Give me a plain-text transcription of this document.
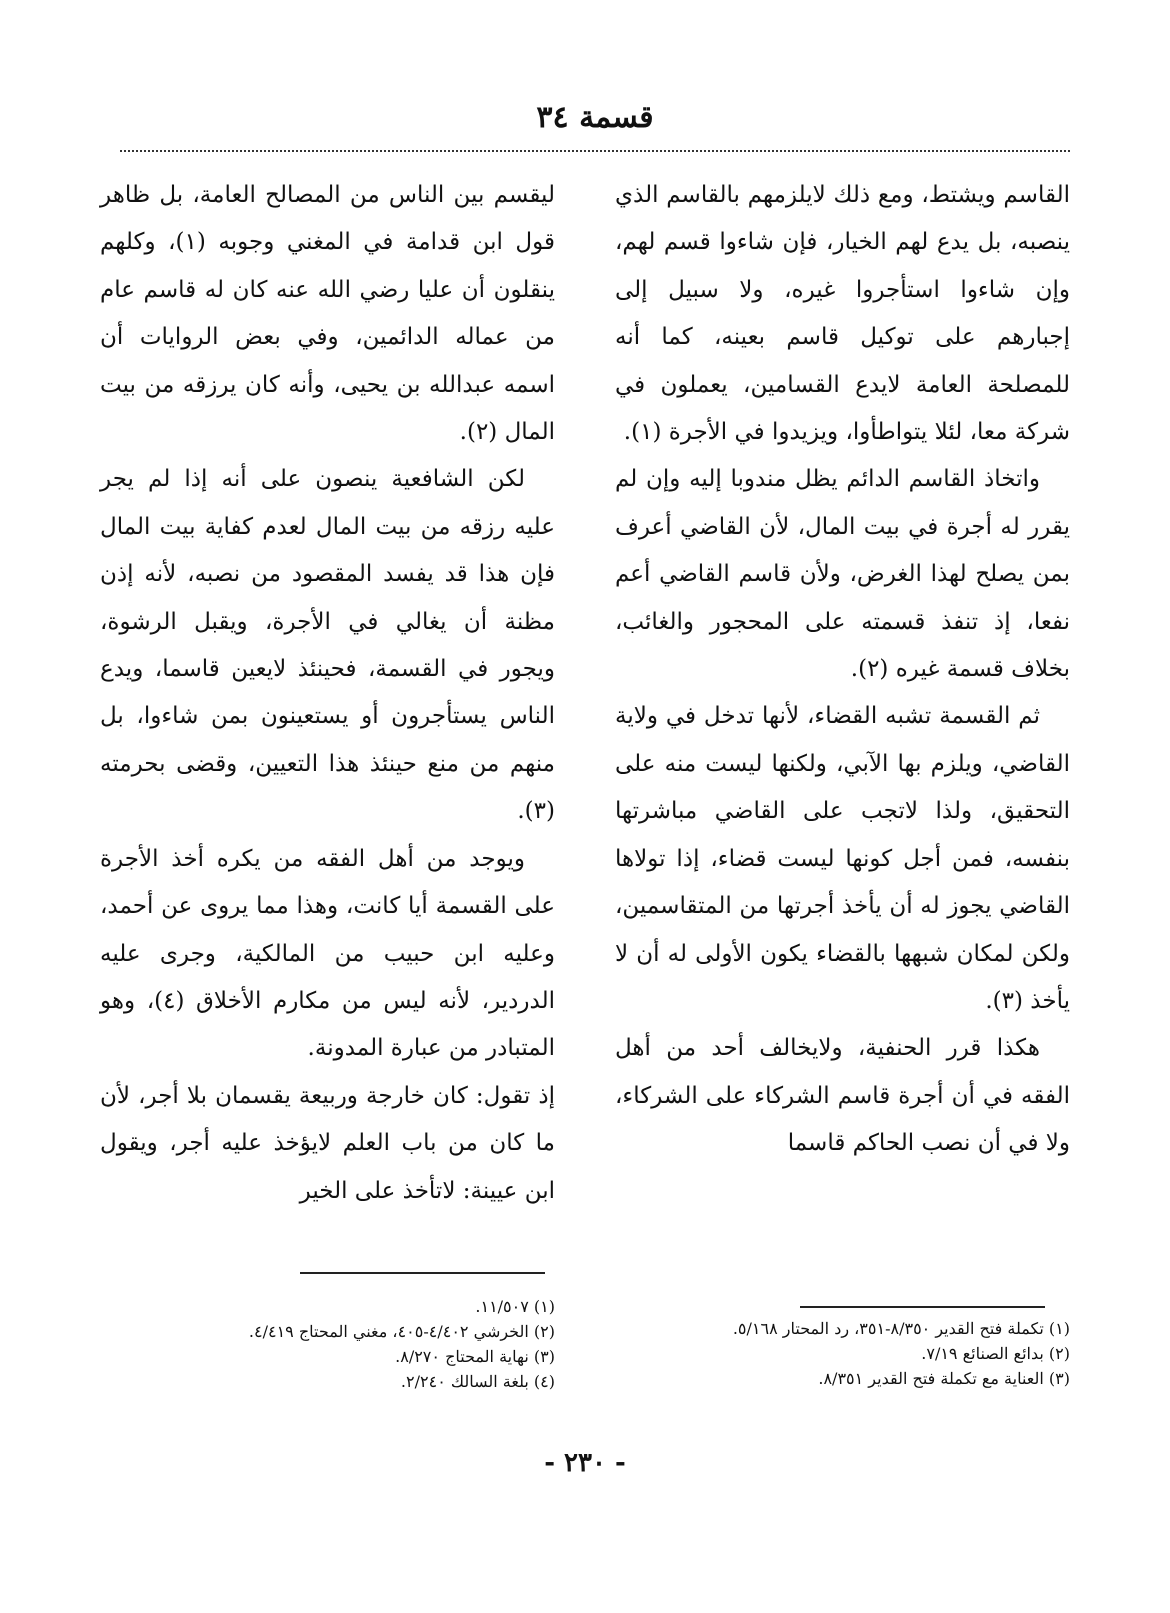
قسمة ٣٤

القاسم ويشتط، ومع ذلك لايلزمهم بالقاسم الذي ينصبه، بل يدع لهم الخيار، فإن شاءوا قسم لهم، وإن شاءوا استأجروا غيره، ولا سبيل إلى إجبارهم على توكيل قاسم بعينه، كما أنه للمصلحة العامة لايدع القسامين، يعملون في شركة معا، لئلا يتواطأوا، ويزيدوا في الأجرة (١).

واتخاذ القاسم الدائم يظل مندوبا إليه وإن لم يقرر له أجرة في بيت المال، لأن القاضي أعرف بمن يصلح لهذا الغرض، ولأن قاسم القاضي أعم نفعا، إذ تنفذ قسمته على المحجور والغائب، بخلاف قسمة غيره (٢).

ثم القسمة تشبه القضاء، لأنها تدخل في ولاية القاضي، ويلزم بها الآبي، ولكنها ليست منه على التحقيق، ولذا لاتجب على القاضي مباشرتها بنفسه، فمن أجل كونها ليست قضاء، إذا تولاها القاضي يجوز له أن يأخذ أجرتها من المتقاسمين، ولكن لمكان شبهها بالقضاء يكون الأولى له أن لا يأخذ (٣).

هكذا قرر الحنفية، ولايخالف أحد من أهل الفقه في أن أجرة قاسم الشركاء على الشركاء، ولا في أن نصب الحاكم قاسما

ليقسم بين الناس من المصالح العامة، بل ظاهر قول ابن قدامة في المغني وجوبه (١)، وكلهم ينقلون أن عليا رضي الله عنه كان له قاسم عام من عماله الدائمين، وفي بعض الروايات أن اسمه عبدالله بن يحيى، وأنه كان يرزقه من بيت المال (٢).

لكن الشافعية ينصون على أنه إذا لم يجر عليه رزقه من بيت المال لعدم كفاية بيت المال فإن هذا قد يفسد المقصود من نصبه، لأنه إذن مظنة أن يغالي في الأجرة، ويقبل الرشوة، ويجور في القسمة، فحينئذ لايعين قاسما، ويدع الناس يستأجرون أو يستعينون بمن شاءوا، بل منهم من منع حينئذ هذا التعيين، وقضى بحرمته (٣).

ويوجد من أهل الفقه من يكره أخذ الأجرة على القسمة أيا كانت، وهذا مما يروى عن أحمد، وعليه ابن حبيب من المالكية، وجرى عليه الدردير، لأنه ليس من مكارم الأخلاق (٤)، وهو المتبادر من عبارة المدونة.

إذ تقول: كان خارجة وربيعة يقسمان بلا أجر، لأن ما كان من باب العلم لايؤخذ عليه أجر، ويقول ابن عيينة: لاتأخذ على الخير

(١) تكملة فتح القدير ٨/٣٥٠-٣٥١، رد المحتار ٥/١٦٨.
(٢) بدائع الصنائع ٧/١٩.
(٣) العناية مع تكملة فتح القدير ٨/٣٥١.
(١) ١١/٥٠٧.
(٢) الخرشي ٤/٤٠٢-٤٠٥، مغني المحتاج ٤/٤١٩.
(٣) نهاية المحتاج ٨/٢٧٠.
(٤) بلغة السالك ٢/٢٤٠.
- ٢٣٠ -
